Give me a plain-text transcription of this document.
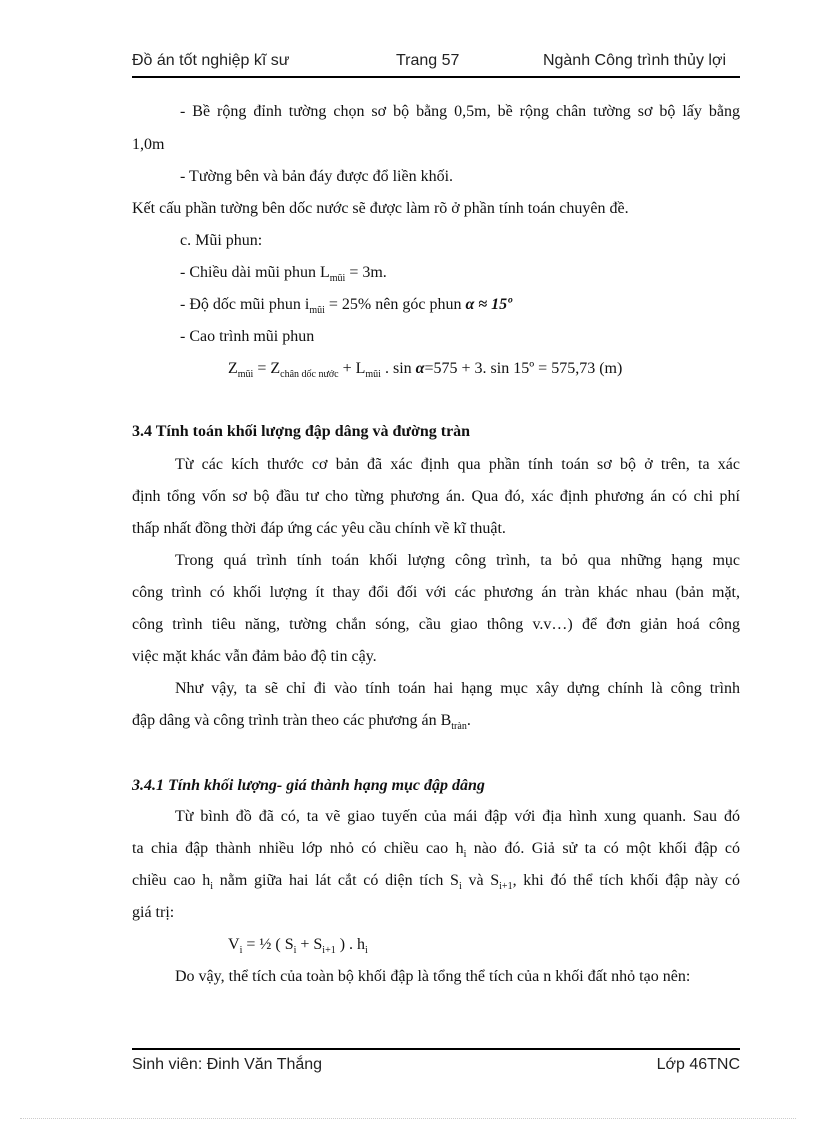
Đồ án tốt nghiệp kĩ sư	Trang 57	Ngành Công trình thủy lợi
- Bề rộng đỉnh tường chọn sơ bộ bằng 0,5m, bề rộng chân tường sơ bộ lấy bằng
1,0m
- Tường bên và bản đáy được đổ liền khối.
Kết cấu phần tường bên dốc nước sẽ được làm rõ ở phần tính toán chuyên đề.
c. Mũi phun:
- Chiều dài mũi phun $L_{mũi} = 3m$.
- Độ dốc mũi phun $i_{mũi} = 25\%$ nên góc phun α ≈ 15º
- Cao trình mũi phun
$Z_{mũi} = Z_{chân dốc nước} + L_{mũi}$ . sin α=575 + 3. sin 15º = 575,73 (m)
3.4 Tính toán khối lượng đập dâng và đường tràn
Từ các kích thước cơ bản đã xác định qua phần tính toán sơ bộ ở trên, ta xác
định tổng vốn sơ bộ đầu tư cho từng phương án. Qua đó, xác định phương án có chi phí
thấp nhất đồng thời đáp ứng các yêu cầu chính về kĩ thuật.
Trong quá trình tính toán khối lượng công trình, ta bỏ qua những hạng mục
công trình có khối lượng ít thay đổi đối với các phương án tràn khác nhau (bản mặt,
công trình tiêu năng, tường chắn sóng, cầu giao thông v.v…) để đơn giản hoá công
việc mặt khác vẫn đảm bảo độ tin cậy.
Như vậy, ta sẽ chỉ đi vào tính toán hai hạng mục xây dựng chính là công trình
đập dâng và công trình tràn theo các phương án $B_{tràn}$.
3.4.1 Tính khối lượng- giá thành hạng mục đập dâng
Từ bình đồ đã có, ta vẽ giao tuyến của mái đập với địa hình xung quanh. Sau đó
ta chia đập thành nhiều lớp nhỏ có chiều cao $h_i$ nào đó. Giả sử ta có một khối đập có
chiều cao $h_i$ nằm giữa hai lát cắt có diện tích $S_i$ và $S_{i+1}$, khi đó thể tích khối đập này có
giá trị:
$V_i$ = ½ ( $S_i + S_{i+1}$ ) . $h_i$
Do vậy, thể tích của toàn bộ khối đập là tổng thể tích của n khối đất nhỏ tạo nên:
Sinh viên: Đinh Văn Thắng	Lớp 46TNC
